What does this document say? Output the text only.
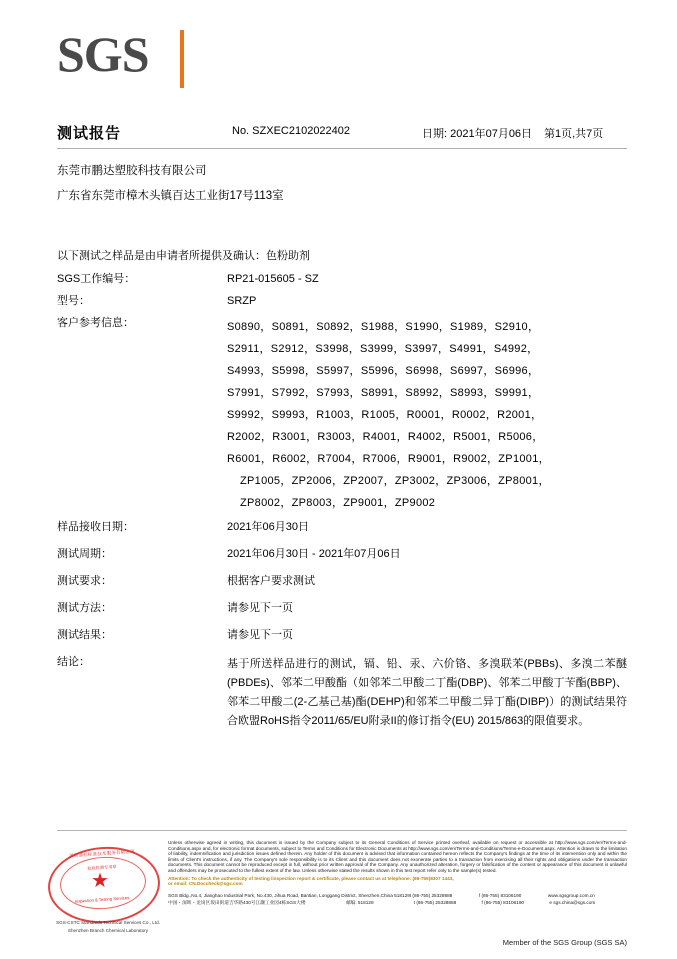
SGS
测试报告	No. SZXEC2102022402	日期: 2021年07月06日 第1页,共7页
东莞市鹏达塑胶科技有限公司
广东省东莞市樟木头镇百达工业街17号113室
以下测试之样品是由申请者所提供及确认：色粉助剂
SGS工作编号：	RP21-015605 - SZ
型号：	SRZP
客户参考信息：	S0890，S0891，S0892，S1988，S1990，S1989，S2910，
S2911，S2912，S3998，S3999，S3997，S4991，S4992，
S4993，S5998，S5997，S5996，S6998，S6997，S6996，
S7991，S7992，S7993，S8991，S8992，S8993，S9991，
S9992，S9993，R1003，R1005，R0001，R0002，R2001，
R2002，R3001，R3003，R4001，R4002，R5001，R5006，
R6001，R6002，R7004，R7006，R9001，R9002，ZP1001，
ZP1005，ZP2006，ZP2007，ZP3002，ZP3006，ZP8001，
ZP8002，ZP8003，ZP9001，ZP9002
样品接收日期：	2021年06月30日
测试周期：	2021年06月30日 - 2021年07月06日
测试要求：	根据客户要求测试
测试方法：	请参见下一页
测试结果：	请参见下一页
结论：	基于所送样品进行的测试，镉、铅、汞、六价铬、多溴联苯(PBBs)、多溴二苯醚(PBDEs)、邻苯二甲酸酯（如邻苯二甲酸二丁酯(DBP)、邻苯二甲酸丁苄酯(BBP)、邻苯二甲酸二(2-乙基己基)酯(DEHP)和邻苯二甲酸二异丁酯(DIBP)）的测试结果符合欧盟RoHS指令2011/65/EU附录II的修订指令(EU) 2015/863的限值要求。
深圳通标标准技术服务有限公司
★
检验检测专用章
Inspection & Testing Services
SGS-CSTC Standards Technical Services Co., Ltd.
Shenzhen Branch Chemical Laboratory
Unless otherwise agreed in writing, this document is issued by the Company subject to its General Conditions of Service printed overleaf, available on request or accessible at http://www.sgs.com/en/Terms-and-Conditions.aspx and, for electronic format documents, subject to Terms and Conditions for Electronic Documents at http://www.sgs.com/en/Terms-and-Conditions/Terms-e-Document.aspx. Attention is drawn to the limitation of liability, indemnification and jurisdiction issues defined therein. Any holder of this document is advised that information contained hereon reflects the Company's findings at the time of its intervention only and within the limits of Client's instructions, if any. The Company's sole responsibility is to its Client and this document does not exonerate parties to a transaction from exercising all their rights and obligations under the transaction documents. This document cannot be reproduced except in full, without prior written approval of the Company. Any unauthorized alteration, forgery or falsification of the content or appearance of this document is unlawful and offenders may be prosecuted to the fullest extent of the law. Unless otherwise stated the results shown in this test report refer only to the sample(s) tested.
Attention: To check the authenticity of testing /inspection report & certificate, please contact us at telephone: (86-755)8307 1443,
or email: CN.Doccheck@sgs.com
SGS Bldg.,No.4, Jianghao Industrial Park, No.430, Jihua Road, Bantian, Longgang District, Shenzhen,China 518129 t (86-755) 25328888	f (86-755) 83106190	www.sgsgroup.com.cn
中国・深圳・龙岗区坂田街道吉华路430号江灏工业园4栋SGS大楼	邮编: 518129	t (86-755) 25328888	f (86-755) 83106190	e sgs.china@sgs.com
Member of the SGS Group (SGS SA)
